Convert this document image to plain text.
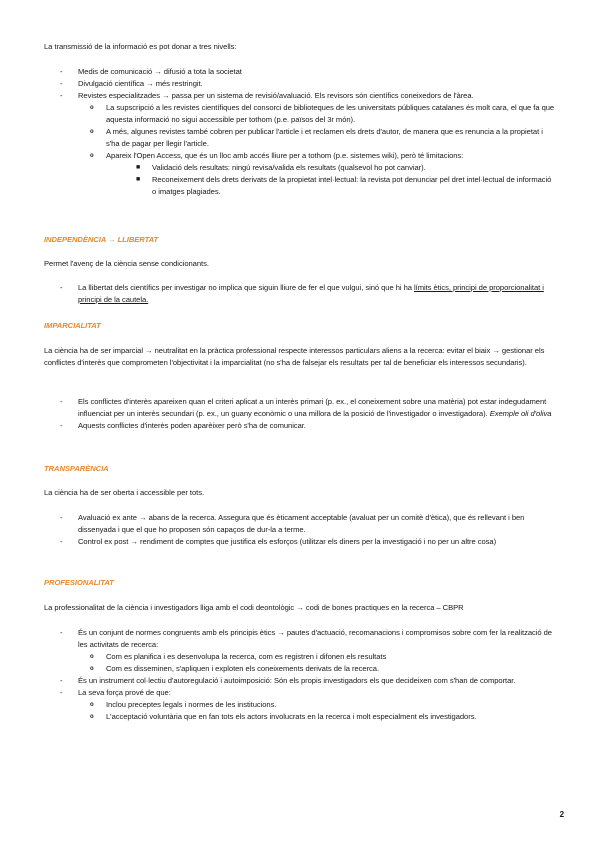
La transmissió de la informació es pot donar a tres nivells:

- Medis de comunicació → difusió a tota la societat
- Divulgació científica → més restringit.
- Revistes especialitzades → passa per un sistema de revisió/avaluació. Els revisors són científics coneixedors de l'àrea.
o La supscripció a les revistes científiques del consorci de biblioteques de les universitats públiques catalanes és molt cara, el que fa que aquesta informació no sigui accessible per tothom (p.e. països del 3r món).
o A més, algunes revistes també cobren per publicar l'article i et reclamen els drets d'autor, de manera que es renuncia a la propietat i s'ha de pagar per llegir l'article.
o Apareix l'Open Access, que és un lloc amb accés lliure per a tothom (p.e. sistemes wiki), però té limitacions:
■ Validació dels resultats: ningú revisa/valida els resultats (qualsevol ho pot canviar).
■ Reconeixement dels drets derivats de la propietat intel·lectual: la revista pot denunciar pel dret intel·lectual de informació o imatges plagiades.

INDEPENDÈNCIA → LLIBERTAT

Permet l'avenç de la ciència sense condicionants.

- La llibertat dels científics per investigar no implica que siguin lliure de fer el que vulgui, sinó que hi ha límits ètics, principi de proporcionalitat i principi de la cautela.

IMPARCIALITAT

La ciència ha de ser imparcial → neutralitat en la pràctica professional respecte interessos particulars aliens a la recerca: evitar el biaix → gestionar els conflictes d'interès que comprometen l'objectivitat i la imparcialitat (no s'ha de falsejar els resultats per tal de beneficiar els interessos secundaris).

- Els conflictes d'interès apareixen quan el criteri aplicat a un interès primari (p. ex., el coneixement sobre una matèria) pot estar indegudament influenciat per un interès secundari (p. ex., un guany econòmic o una millora de la posició de l'investigador o investigadora). Exemple oli d'oliva
- Aquests conflictes d'interès poden aparèixer però s'ha de comunicar.

TRANSPARÈNCIA

La ciència ha de ser oberta i accessible per tots.

- Avaluació ex ante → abans de la recerca. Assegura que és èticament acceptable (avaluat per un comitè d'ètica), que és rellevant i ben dissenyada i que el que ho proposen són capaços de dur-la a terme.
- Control ex post → rendiment de comptes que justifica els esforços (utilitzar els diners per la investigació i no per un altre cosa)

PROFESIONALITAT

La professionalitat de la ciència i investigadors lliga amb el codi deontològic → codi de bones practiques en la recerca – CBPR

- És un conjunt de normes congruents amb els principis ètics → pautes d'actuació, recomanacions i compromisos sobre com fer la realització de les activitats de recerca:
o Com es planifica i es desenvolupa la recerca, com es registren i difonen els resultats
o Com es disseminen, s'apliquen i exploten els coneixements derivats de la recerca.
- És un instrument col·lectiu d'autoregulació i autoimposició: Són els propis investigadors els que decideixen com s'han de comportar.
- La seva força prové de que:
o Inclou preceptes legals i normes de les institucions.
o L'acceptació voluntària que en fan tots els actors involucrats en la recerca i molt especialment els investigadors.
2
